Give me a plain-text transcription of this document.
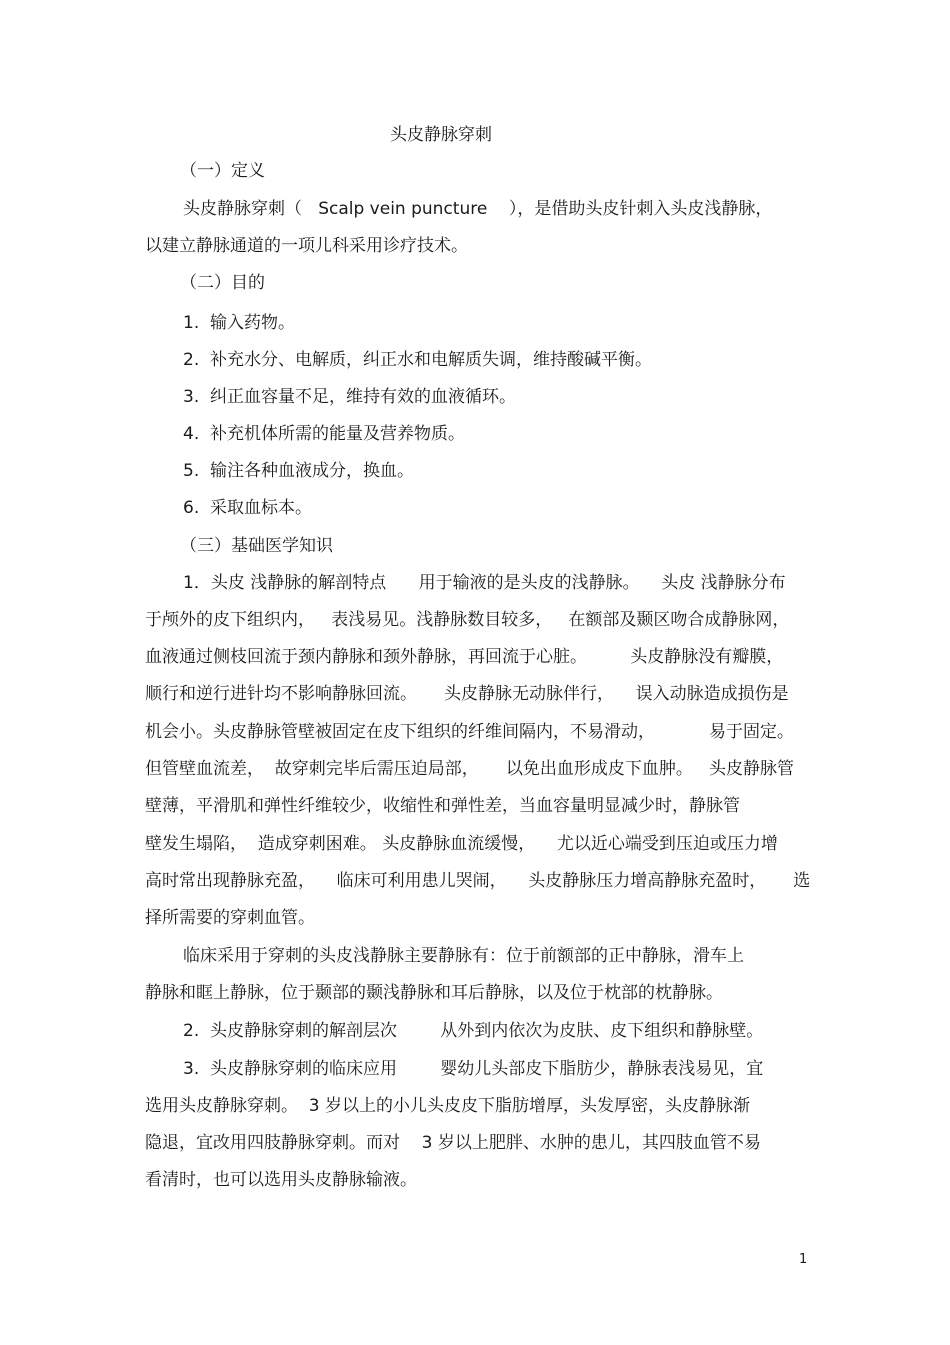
头皮静脉穿刺
（一）定义
头皮静脉穿刺（   Scalp vein puncture    ），是借助头皮针刺入头皮浅静脉，
以建立静脉通道的一项儿科采用诊疗技术。
（二）目的
1.  输入药物。
2.  补充水分、电解质，纠正水和电解质失调，维持酸碱平衡。
3.  纠正血容量不足，维持有效的血液循环。
4.  补充机体所需的能量及营养物质。
5.  输注各种血液成分，换血。
6.  采取血标本。
（三）基础医学知识
1．头皮 浅静脉的解剖特点      用于输液的是头皮的浅静脉。    头皮 浅静脉分布
于颅外的皮下组织内，   表浅易见。浅静脉数目较多，   在额部及颞区吻合成静脉网，
血液通过侧枝回流于颈内静脉和颈外静脉，再回流于心脏。        头皮静脉没有瓣膜，
顺行和逆行进针均不影响静脉回流。     头皮静脉无动脉伴行，    误入动脉造成损伤是
机会小。头皮静脉管壁被固定在皮下组织的纤维间隔内，不易滑动，          易于固定。
但管壁血流差，  故穿刺完毕后需压迫局部，     以免出血形成皮下血肿。   头皮静脉管
壁薄，平滑肌和弹性纤维较少，收缩性和弹性差，当血容量明显减少时，静脉管
壁发生塌陷，  造成穿刺困难。 头皮静脉血流缓慢，    尤以近心端受到压迫或压力增
高时常出现静脉充盈，    临床可利用患儿哭闹，    头皮静脉压力增高静脉充盈时，     选
择所需要的穿刺血管。
临床采用于穿刺的头皮浅静脉主要静脉有：位于前额部的正中静脉，滑车上
静脉和眶上静脉，位于颞部的颞浅静脉和耳后静脉，以及位于枕部的枕静脉。
2.  头皮静脉穿刺的解剖层次        从外到内依次为皮肤、皮下组织和静脉壁。
3.  头皮静脉穿刺的临床应用        婴幼儿头部皮下脂肪少，静脉表浅易见，宜
选用头皮静脉穿刺。  3 岁以上的小儿头皮皮下脂肪增厚，头发厚密，头皮静脉渐
隐退，宜改用四肢静脉穿刺。而对    3 岁以上肥胖、水肿的患儿，其四肢血管不易
看清时，也可以选用头皮静脉输液。
1
